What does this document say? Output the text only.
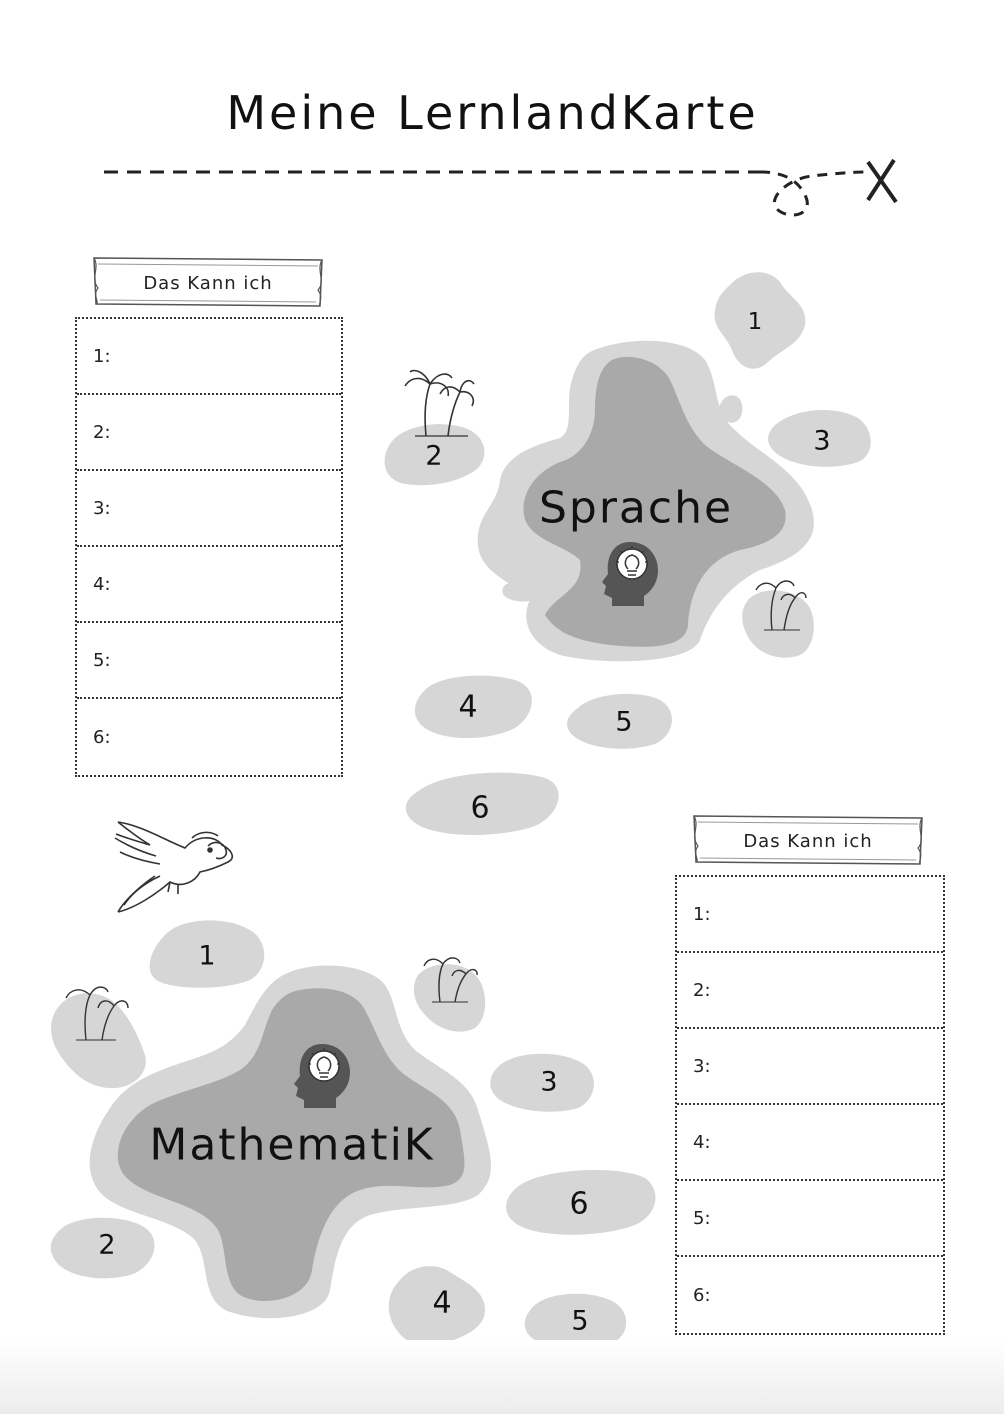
Meine LernlandKarte
Das Kann ich
1:
2:
3:
4:
5:
6:
Das Kann ich
1:
2:
3:
4:
5:
6:
Sprache
MathematiK
1
2	3
4	5
6
1
2
3
4
5
6
